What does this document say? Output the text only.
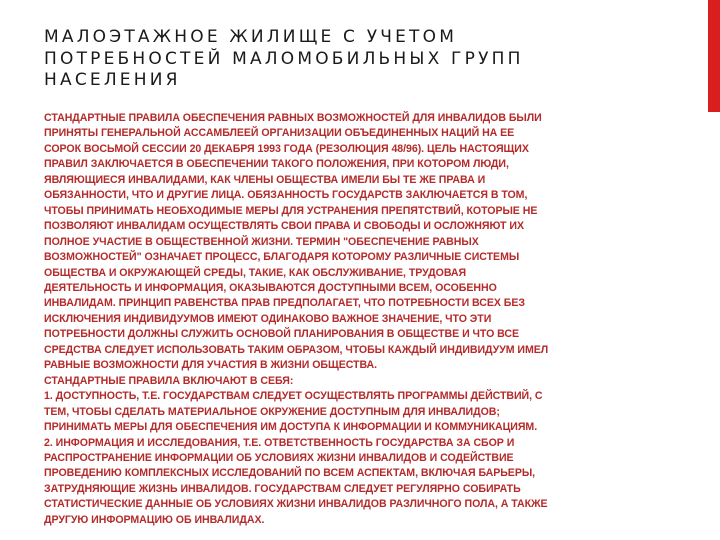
МАЛОЭТАЖНОЕ ЖИЛИЩЕ С УЧЕТОМ
ПОТРЕБНОСТЕЙ МАЛОМОБИЛЬНЫХ ГРУПП
НАСЕЛЕНИЯ

СТАНДАРТНЫЕ ПРАВИЛА ОБЕСПЕЧЕНИЯ РАВНЫХ ВОЗМОЖНОСТЕЙ ДЛЯ ИНВАЛИДОВ БЫЛИ
ПРИНЯТЫ ГЕНЕРАЛЬНОЙ АССАМБЛЕЕЙ ОРГАНИЗАЦИИ ОБЪЕДИНЕННЫХ НАЦИЙ НА ЕЕ
СОРОК ВОСЬМОЙ СЕССИИ 20 ДЕКАБРЯ 1993 ГОДА (РЕЗОЛЮЦИЯ 48/96). ЦЕЛЬ НАСТОЯЩИХ
ПРАВИЛ ЗАКЛЮЧАЕТСЯ В ОБЕСПЕЧЕНИИ ТАКОГО ПОЛОЖЕНИЯ, ПРИ КОТОРОМ ЛЮДИ,
ЯВЛЯЮЩИЕСЯ ИНВАЛИДАМИ, КАК ЧЛЕНЫ ОБЩЕСТВА ИМЕЛИ БЫ ТЕ ЖЕ ПРАВА И
ОБЯЗАННОСТИ, ЧТО И ДРУГИЕ ЛИЦА. ОБЯЗАННОСТЬ ГОСУДАРСТВ ЗАКЛЮЧАЕТСЯ В ТОМ,
ЧТОБЫ ПРИНИМАТЬ НЕОБХОДИМЫЕ МЕРЫ ДЛЯ УСТРАНЕНИЯ ПРЕПЯТСТВИЙ, КОТОРЫЕ НЕ
ПОЗВОЛЯЮТ ИНВАЛИДАМ ОСУЩЕСТВЛЯТЬ СВОИ ПРАВА И СВОБОДЫ И ОСЛОЖНЯЮТ ИХ
ПОЛНОЕ УЧАСТИЕ В ОБЩЕСТВЕННОЙ ЖИЗНИ. ТЕРМИН "ОБЕСПЕЧЕНИЕ РАВНЫХ
ВОЗМОЖНОСТЕЙ" ОЗНАЧАЕТ ПРОЦЕСС, БЛАГОДАРЯ КОТОРОМУ РАЗЛИЧНЫЕ СИСТЕМЫ
ОБЩЕСТВА И ОКРУЖАЮЩЕЙ СРЕДЫ, ТАКИЕ, КАК ОБСЛУЖИВАНИЕ, ТРУДОВАЯ
ДЕЯТЕЛЬНОСТЬ И ИНФОРМАЦИЯ, ОКАЗЫВАЮТСЯ ДОСТУПНЫМИ ВСЕМ, ОСОБЕННО
ИНВАЛИДАМ. ПРИНЦИП РАВЕНСТВА ПРАВ ПРЕДПОЛАГАЕТ, ЧТО ПОТРЕБНОСТИ ВСЕХ БЕЗ
ИСКЛЮЧЕНИЯ ИНДИВИДУУМОВ ИМЕЮТ ОДИНАКОВО ВАЖНОЕ ЗНАЧЕНИЕ, ЧТО ЭТИ
ПОТРЕБНОСТИ ДОЛЖНЫ СЛУЖИТЬ ОСНОВОЙ ПЛАНИРОВАНИЯ В ОБЩЕСТВЕ И ЧТО ВСЕ
СРЕДСТВА СЛЕДУЕТ ИСПОЛЬЗОВАТЬ ТАКИМ ОБРАЗОМ, ЧТОБЫ КАЖДЫЙ ИНДИВИДУУМ ИМЕЛ
РАВНЫЕ ВОЗМОЖНОСТИ ДЛЯ УЧАСТИЯ В ЖИЗНИ ОБЩЕСТВА.
СТАНДАРТНЫЕ ПРАВИЛА ВКЛЮЧАЮТ В СЕБЯ:
1. ДОСТУПНОСТЬ, Т.Е. ГОСУДАРСТВАМ СЛЕДУЕТ ОСУЩЕСТВЛЯТЬ ПРОГРАММЫ ДЕЙСТВИЙ, С
ТЕМ, ЧТОБЫ СДЕЛАТЬ МАТЕРИАЛЬНОЕ ОКРУЖЕНИЕ ДОСТУПНЫМ ДЛЯ ИНВАЛИДОВ;
ПРИНИМАТЬ МЕРЫ ДЛЯ ОБЕСПЕЧЕНИЯ ИМ ДОСТУПА К ИНФОРМАЦИИ И КОММУНИКАЦИЯМ.
2. ИНФОРМАЦИЯ И ИССЛЕДОВАНИЯ, Т.Е. ОТВЕТСТВЕННОСТЬ ГОСУДАРСТВА ЗА СБОР И
РАСПРОСТРАНЕНИЕ ИНФОРМАЦИИ ОБ УСЛОВИЯХ ЖИЗНИ ИНВАЛИДОВ И СОДЕЙСТВИЕ
ПРОВЕДЕНИЮ КОМПЛЕКСНЫХ ИССЛЕДОВАНИЙ ПО ВСЕМ АСПЕКТАМ, ВКЛЮЧАЯ БАРЬЕРЫ,
ЗАТРУДНЯЮЩИЕ ЖИЗНЬ ИНВАЛИДОВ. ГОСУДАРСТВАМ СЛЕДУЕТ РЕГУЛЯРНО СОБИРАТЬ
СТАТИСТИЧЕСКИЕ ДАННЫЕ ОБ УСЛОВИЯХ ЖИЗНИ ИНВАЛИДОВ РАЗЛИЧНОГО ПОЛА, А ТАКЖЕ
ДРУГУЮ ИНФОРМАЦИЮ ОБ ИНВАЛИДАХ.
